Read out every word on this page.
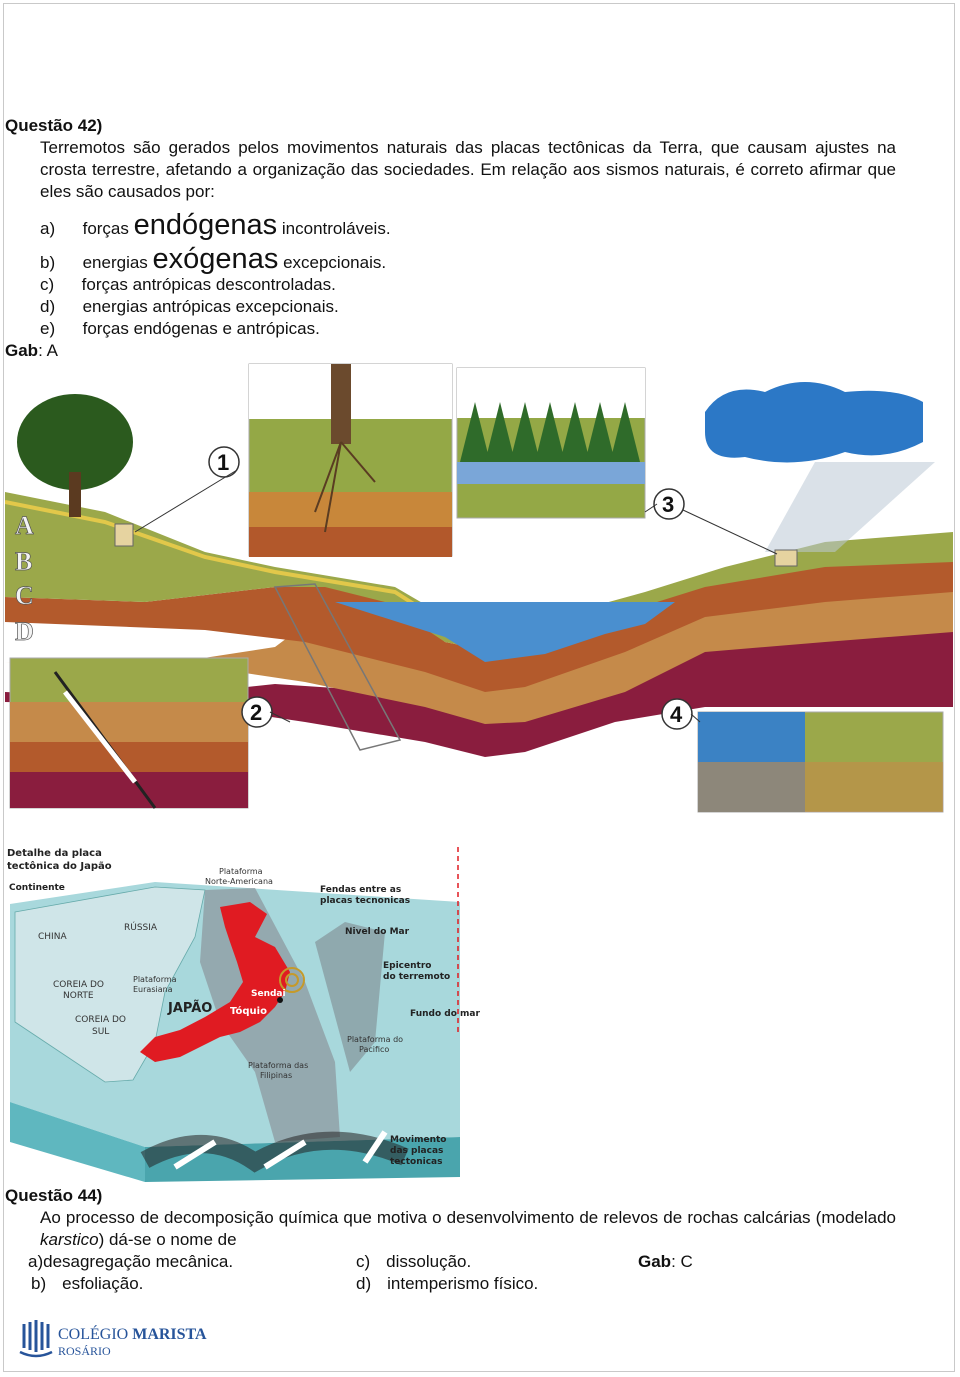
Questão 42)
Terremotos são gerados pelos movimentos naturais das placas tectônicas da Terra, que causam ajustes na crosta terrestre, afetando a organização das sociedades. Em relação aos sismos naturais, é correto afirmar que eles são causados por:
a) forças endógenas incontroláveis.
b) energias exógenas excepcionais.
c) forças antrópicas descontroladas.
d) energias antrópicas excepcionais.
e) forças endógenas e antrópicas.
Gab: A
A
B
C
D
1
2
3
4
Detalhe da placa
tectônica do Japão
Continente
Plataforma
Norte-Americana
Fendas entre as
placas tecnonicas
Nivel do Mar
Epicentro
do terremoto
Fundo do mar
Plataforma do
Pacifico
Plataforma das
Filipinas
Movimento
das placas
tectonicas
CHINA
RÚSSIA
Plataforma
Eurasiana
COREIA DO
NORTE
COREIA DO
SUL
JAPÃO
Sendai
Tóquio
Questão 44)
Ao processo de decomposição química que motiva o desenvolvimento de relevos de rochas calcárias (modelado karstico) dá-se o nome de
a)desagregação mecânica.	c) dissolução.	Gab: C
b) esfoliação.	d) intemperismo físico.
COLÉGIO MARISTA
ROSÁRIO
